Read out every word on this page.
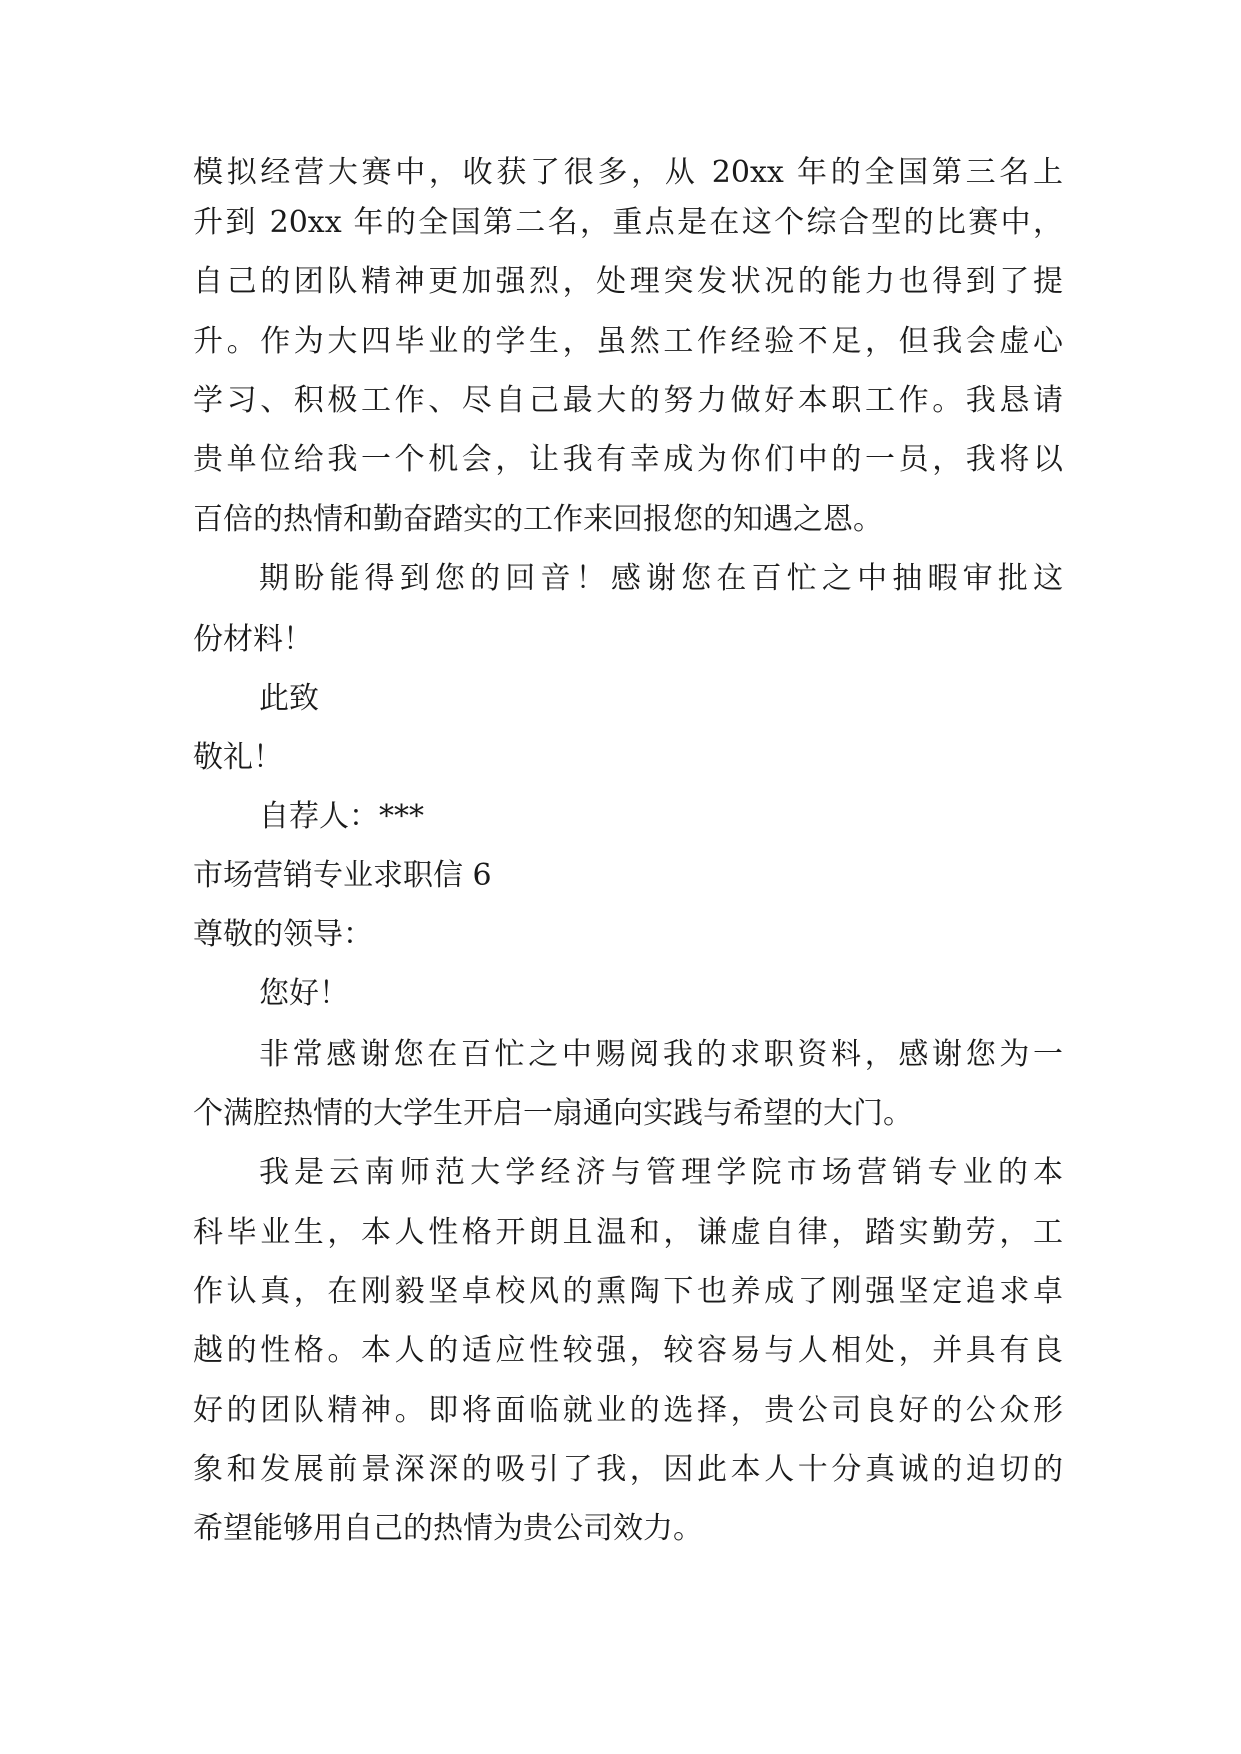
模拟经营大赛中，收获了很多，从 20xx 年的全国第三名上
升到 20xx 年的全国第二名，重点是在这个综合型的比赛中，
自己的团队精神更加强烈，处理突发状况的能力也得到了提
升。作为大四毕业的学生，虽然工作经验不足，但我会虚心
学习、积极工作、尽自己最大的努力做好本职工作。我恳请
贵单位给我一个机会，让我有幸成为你们中的一员，我将以
百倍的热情和勤奋踏实的工作来回报您的知遇之恩。
期盼能得到您的回音！感谢您在百忙之中抽暇审批这
份材料！
此致
敬礼！
自荐人：***
市场营销专业求职信 6
尊敬的领导：
您好！
非常感谢您在百忙之中赐阅我的求职资料，感谢您为一
个满腔热情的大学生开启一扇通向实践与希望的大门。
我是云南师范大学经济与管理学院市场营销专业的本
科毕业生，本人性格开朗且温和，谦虚自律，踏实勤劳，工
作认真，在刚毅坚卓校风的熏陶下也养成了刚强坚定追求卓
越的性格。本人的适应性较强，较容易与人相处，并具有良
好的团队精神。即将面临就业的选择，贵公司良好的公众形
象和发展前景深深的吸引了我，因此本人十分真诚的迫切的
希望能够用自己的热情为贵公司效力。
